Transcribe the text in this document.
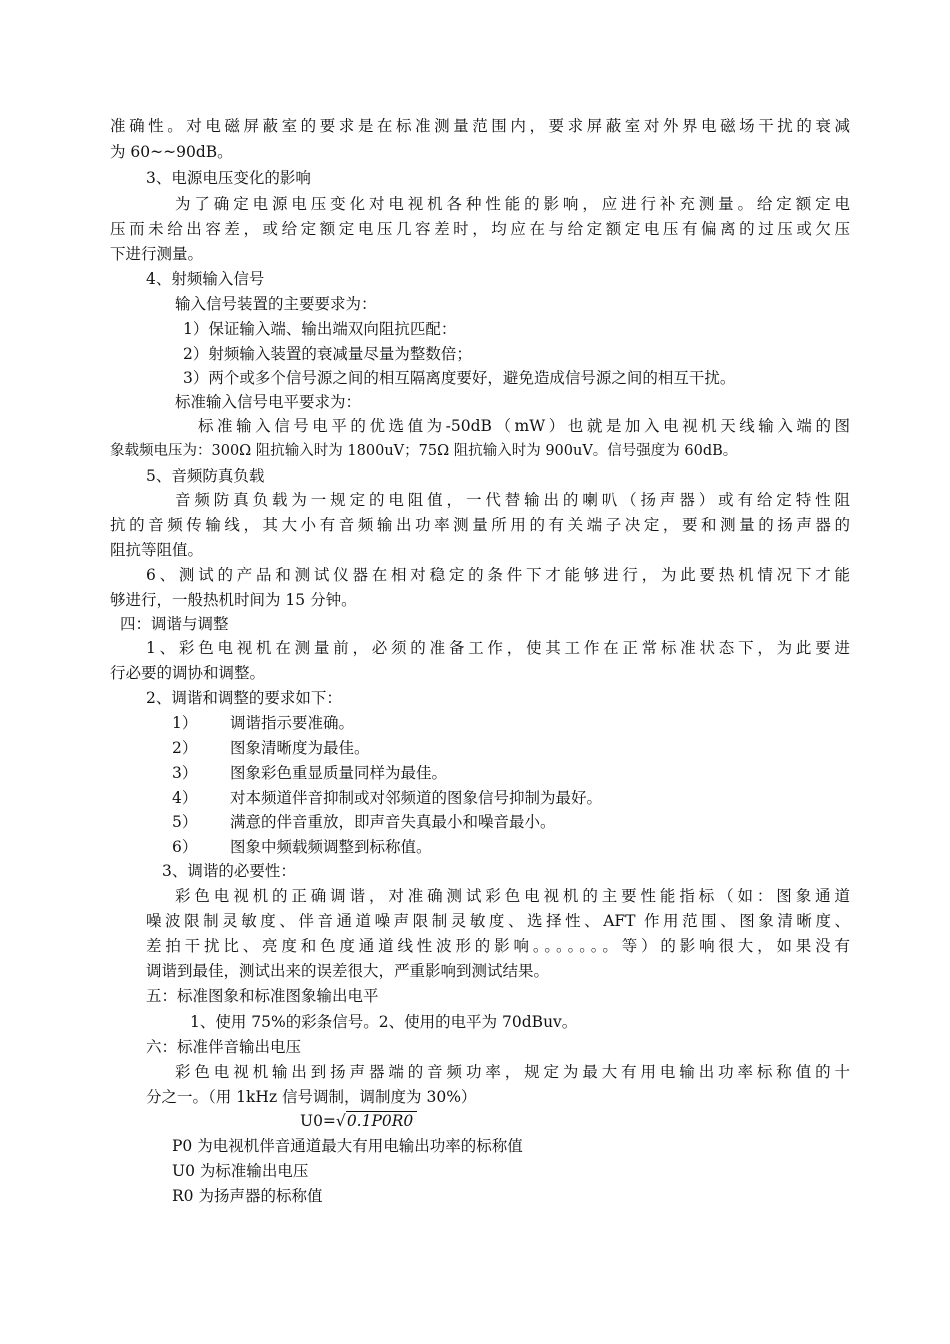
准确性。对电磁屏蔽室的要求是在标准测量范围内，要求屏蔽室对外界电磁场干扰的衰减
为 60~~90dB。
3、电源电压变化的影响
为了确定电源电压变化对电视机各种性能的影响，应进行补充测量。给定额定电
压而未给出容差，或给定额定电压几容差时，均应在与给定额定电压有偏离的过压或欠压
下进行测量。
4、射频输入信号
输入信号装置的主要要求为：
1）保证输入端、输出端双向阻抗匹配：
2）射频输入装置的衰减量尽量为整数倍；
3）两个或多个信号源之间的相互隔离度要好，避免造成信号源之间的相互干扰。
标准输入信号电平要求为：
标准输入信号电平的优选值为-50dB（mW）也就是加入电视机天线输入端的图
象载频电压为：300Ω 阻抗输入时为 1800uV；75Ω 阻抗输入时为 900uV。信号强度为 60dB。
5、音频防真负载
音频防真负载为一规定的电阻值，一代替输出的喇叭（扬声器）或有给定特性阻
抗的音频传输线，其大小有音频输出功率测量所用的有关端子决定，要和测量的扬声器的
阻抗等阻值。
6、测试的产品和测试仪器在相对稳定的条件下才能够进行，为此要热机情况下才能
够进行，一般热机时间为 15 分钟。
四：调谐与调整
1、彩色电视机在测量前，必须的准备工作，使其工作在正常标准状态下，为此要进
行必要的调协和调整。
2、调谐和调整的要求如下：
1） 调谐指示要准确。
2） 图象清晰度为最佳。
3） 图象彩色重显质量同样为最佳。
4） 对本频道伴音抑制或对邻频道的图象信号抑制为最好。
5） 满意的伴音重放，即声音失真最小和噪音最小。
6） 图象中频载频调整到标称值。
3、调谐的必要性：
彩色电视机的正确调谐，对准确测试彩色电视机的主要性能指标（如：图象通道
噪波限制灵敏度、伴音通道噪声限制灵敏度、选择性、AFT 作用范围、图象清晰度、
差拍干扰比、亮度和色度通道线性波形的影响。。。。。。。等）的影响很大，如果没有
调谐到最佳，测试出来的误差很大，严重影响到测试结果。
五：标准图象和标准图象输出电平
1、使用 75%的彩条信号。2、使用的电平为 70dBuv。
六：标准伴音输出电压
彩色电视机输出到扬声器端的音频功率，规定为最大有用电输出功率标称值的十
分之一。（用 1kHz 信号调制，调制度为 30%）
U0=√0.1P0R0
P0 为电视机伴音通道最大有用电输出功率的标称值
U0 为标准输出电压
R0 为扬声器的标称值
